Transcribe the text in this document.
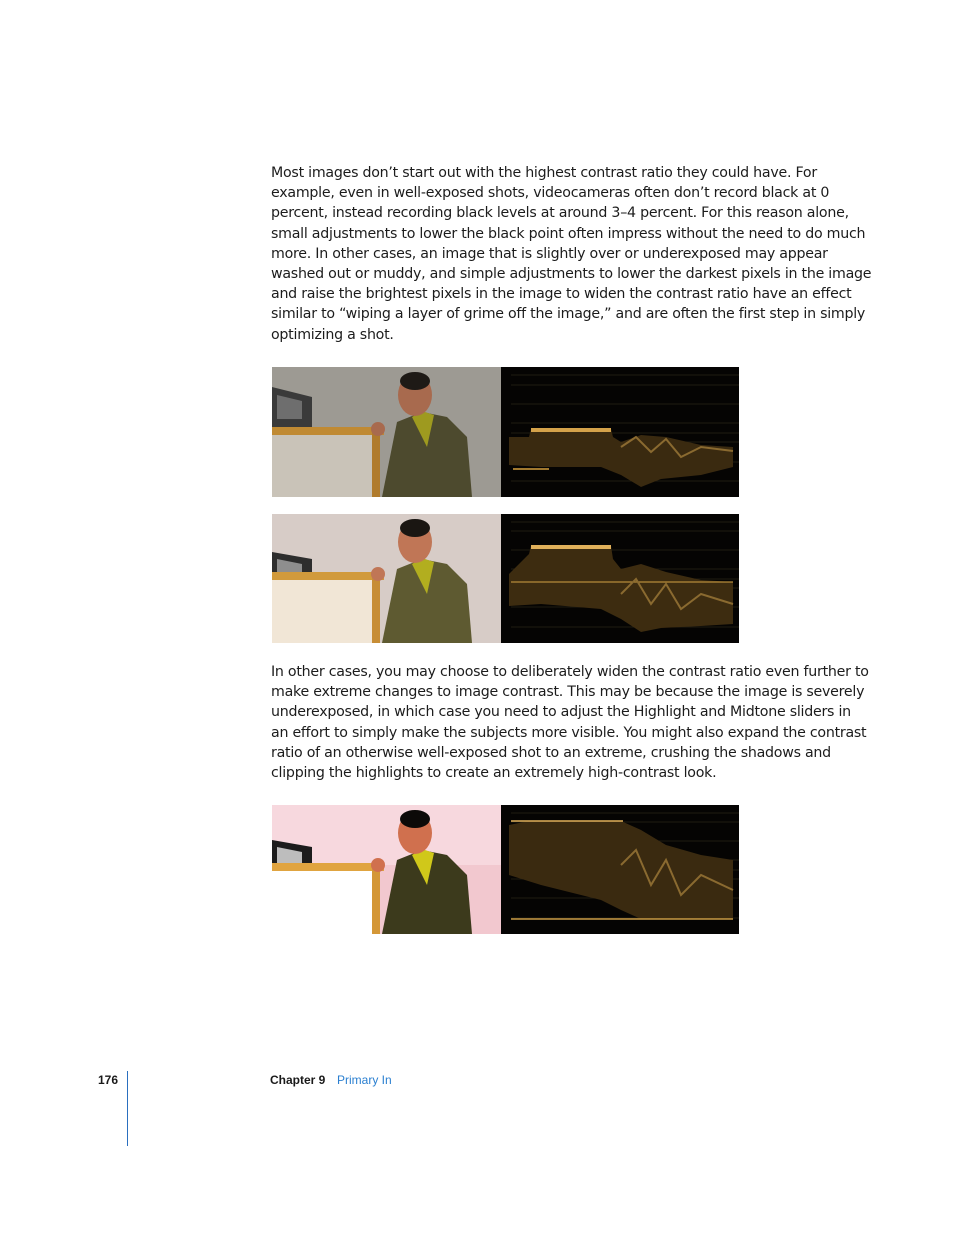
Most images don’t start out with the highest contrast ratio they could have. For
example, even in well-exposed shots, videocameras often don’t record black at 0
percent, instead recording black levels at around 3–4 percent. For this reason alone,
small adjustments to lower the black point often impress without the need to do much
more. In other cases, an image that is slightly over or underexposed may appear
washed out or muddy, and simple adjustments to lower the darkest pixels in the image
and raise the brightest pixels in the image to widen the contrast ratio have an effect
similar to “wiping a layer of grime off the image,” and are often the first step in simply
optimizing a shot.
In other cases, you may choose to deliberately widen the contrast ratio even further to
make extreme changes to image contrast. This may be because the image is severely
underexposed, in which case you need to adjust the Highlight and Midtone sliders in
an effort to simply make the subjects more visible. You might also expand the contrast
ratio of an otherwise well-exposed shot to an extreme, crushing the shadows and
clipping the highlights to create an extremely high-contrast look.
176	Chapter 9 Primary In
